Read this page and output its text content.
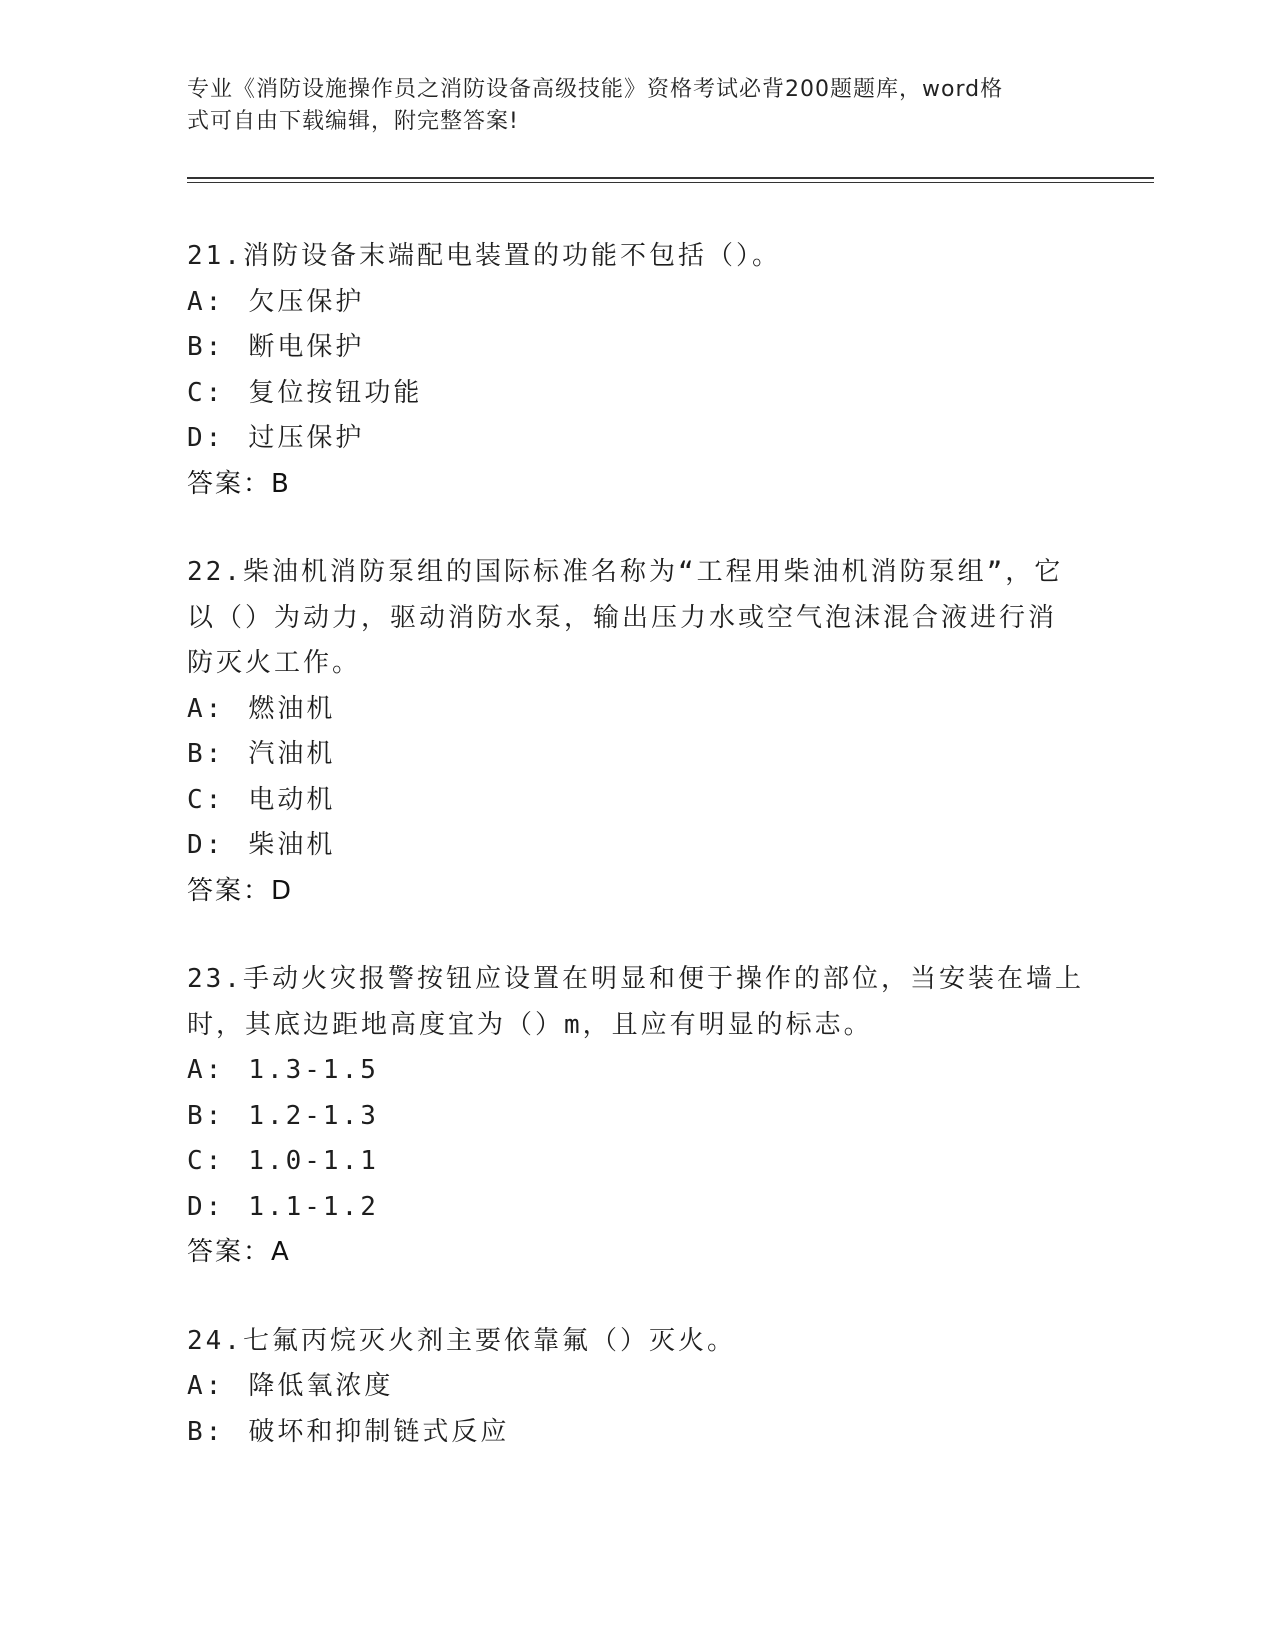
专业《消防设施操作员之消防设备高级技能》资格考试必背200题题库，word格
式可自由下载编辑，附完整答案!
21.消防设备末端配电装置的功能不包括（）。
A: 欠压保护
B: 断电保护
C: 复位按钮功能
D: 过压保护
答案：B
22.柴油机消防泵组的国际标准名称为“工程用柴油机消防泵组”，它
以（）为动力，驱动消防水泵，输出压力水或空气泡沫混合液进行消
防灭火工作。
A: 燃油机
B: 汽油机
C: 电动机
D: 柴油机
答案：D
23.手动火灾报警按钮应设置在明显和便于操作的部位，当安装在墙上
时，其底边距地高度宜为（）m，且应有明显的标志。
A: 1.3-1.5
B: 1.2-1.3
C: 1.0-1.1
D: 1.1-1.2
答案：A
24.七氟丙烷灭火剂主要依靠氟（）灭火。
A: 降低氧浓度
B: 破坏和抑制链式反应
